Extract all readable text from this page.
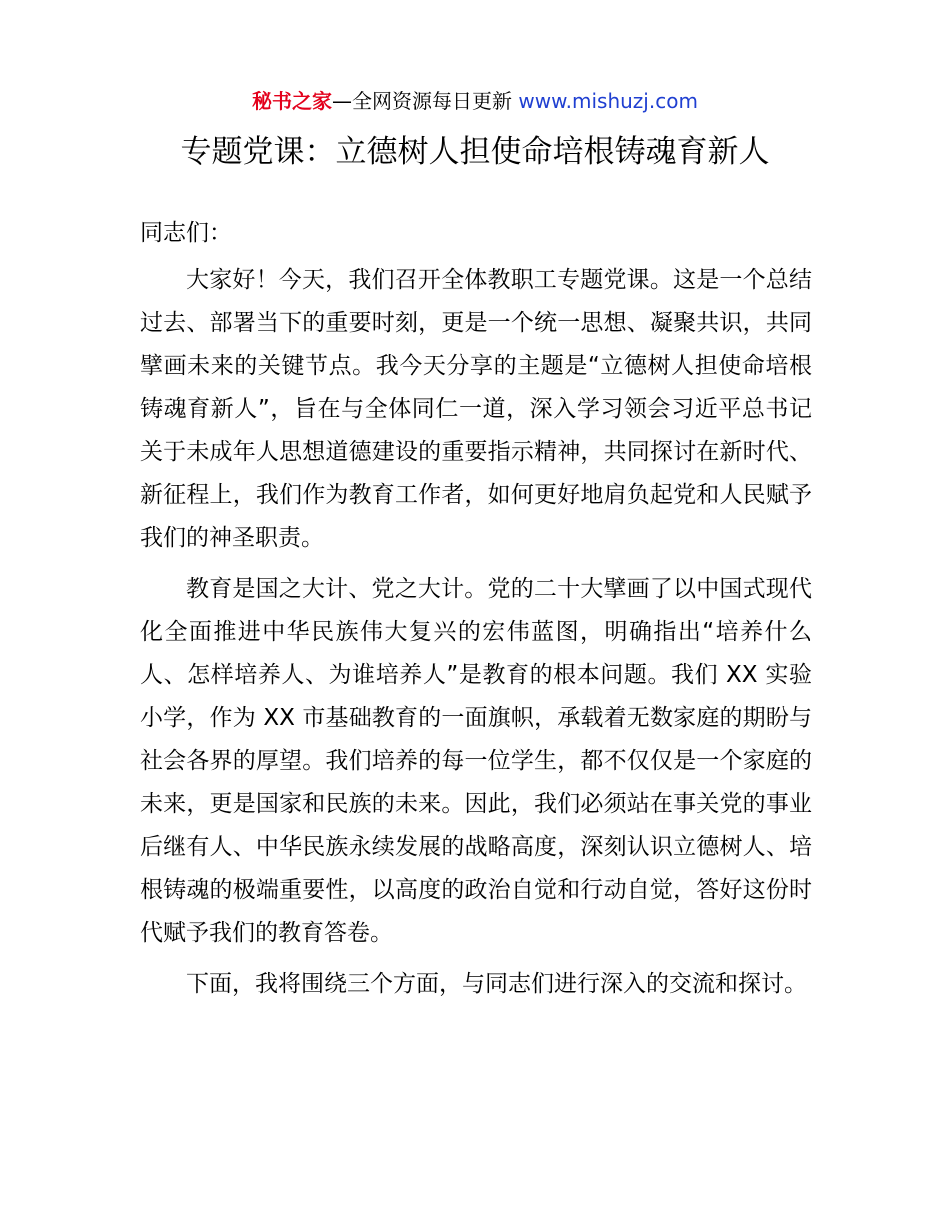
秘书之家—全网资源每日更新 www.mishuzj.com
专题党课：立德树人担使命培根铸魂育新人

同志们：

大家好！今天，我们召开全体教职工专题党课。这是一个总结过去、部署当下的重要时刻，更是一个统一思想、凝聚共识，共同擘画未来的关键节点。我今天分享的主题是“立德树人担使命培根铸魂育新人”，旨在与全体同仁一道，深入学习领会习近平总书记关于未成年人思想道德建设的重要指示精神，共同探讨在新时代、新征程上，我们作为教育工作者，如何更好地肩负起党和人民赋予我们的神圣职责。

教育是国之大计、党之大计。党的二十大擘画了以中国式现代化全面推进中华民族伟大复兴的宏伟蓝图，明确指出“培养什么人、怎样培养人、为谁培养人”是教育的根本问题。我们 XX 实验小学，作为 XX 市基础教育的一面旗帜，承载着无数家庭的期盼与社会各界的厚望。我们培养的每一位学生，都不仅仅是一个家庭的未来，更是国家和民族的未来。因此，我们必须站在事关党的事业后继有人、中华民族永续发展的战略高度，深刻认识立德树人、培根铸魂的极端重要性，以高度的政治自觉和行动自觉，答好这份时代赋予我们的教育答卷。

下面，我将围绕三个方面，与同志们进行深入的交流和探讨。
